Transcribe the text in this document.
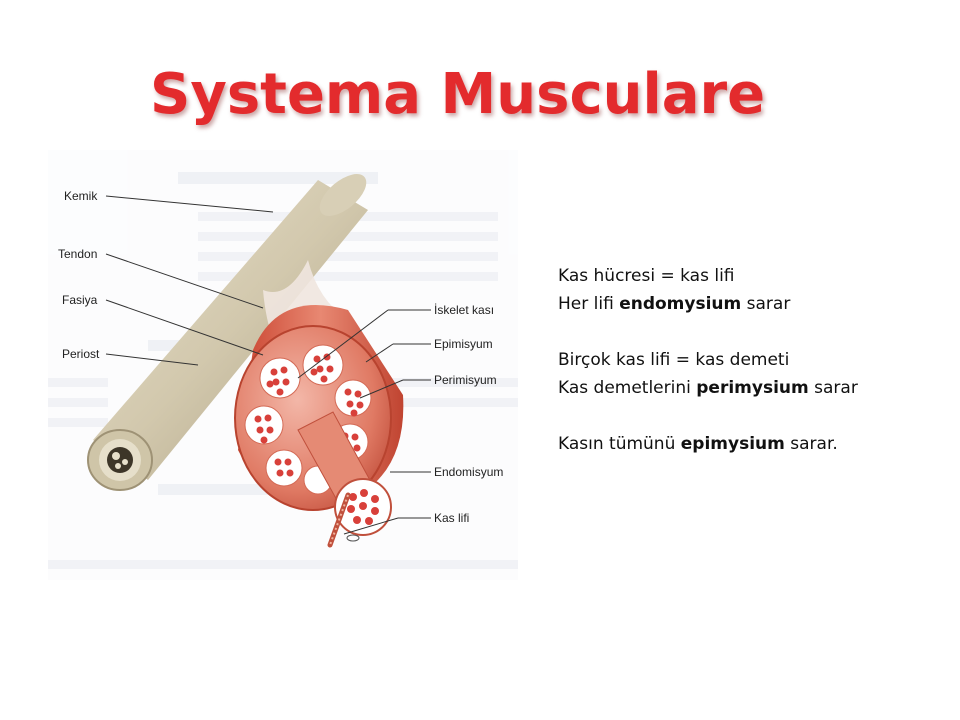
Systema Musculare
Kemik
Tendon
Fasiya
Periost
İskelet kası
Epimisyum
Perimisyum
Endomisyum
Kas lifi

Kas hücresi = kas lifi

Her lifi endomysium sarar

Birçok kas lifi = kas demeti

Kas demetlerini perimysium sarar

Kasın tümünü epimysium sarar.
